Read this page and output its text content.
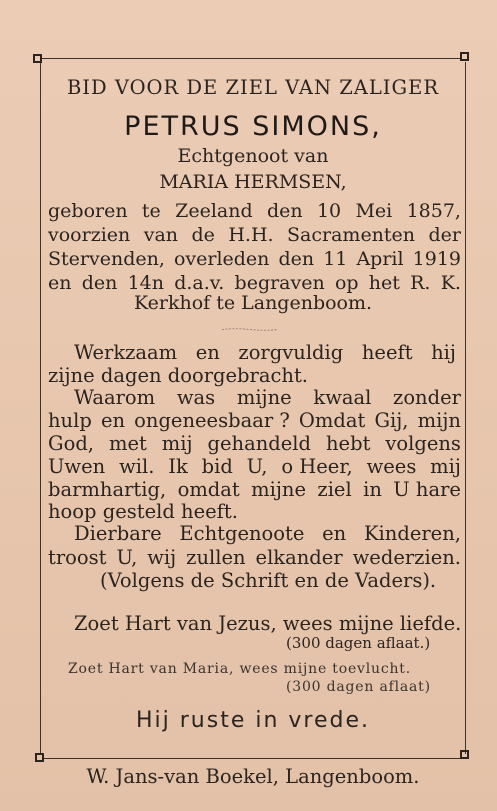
BID VOOR DE ZIEL VAN ZALIGER
PETRUS SIMONS,
Echtgenoot van
MARIA HERMSEN,
geboren te Zeeland den 10 Mei 1857,
voorzien van de H.H. Sacramenten der
Stervenden, overleden den 11 April 1919
en den 14n d.a.v. begraven op het R. K.
Kerkhof te Langenboom.
Werkzaam en zorgvuldig heeft hij
zijne dagen doorgebracht.
Waarom was mijne kwaal zonder
hulp en ongeneesbaar ? Omdat Gij, mijn
God, met mij gehandeld hebt volgens
Uwen wil. Ik bid U, o Heer, wees mij
barmhartig, omdat mijne ziel in U hare
hoop gesteld heeft.
Dierbare Echtgenoote en Kinderen,
troost U, wij zullen elkander wederzien.
(Volgens de Schrift en de Vaders).
Zoet Hart van Jezus, wees mijne liefde.
(300 dagen aflaat.)
Zoet Hart van Maria, wees mijne toevlucht.
(300 dagen aflaat)
Hij ruste in vrede.
W. Jans-van Boekel, Langenboom.
